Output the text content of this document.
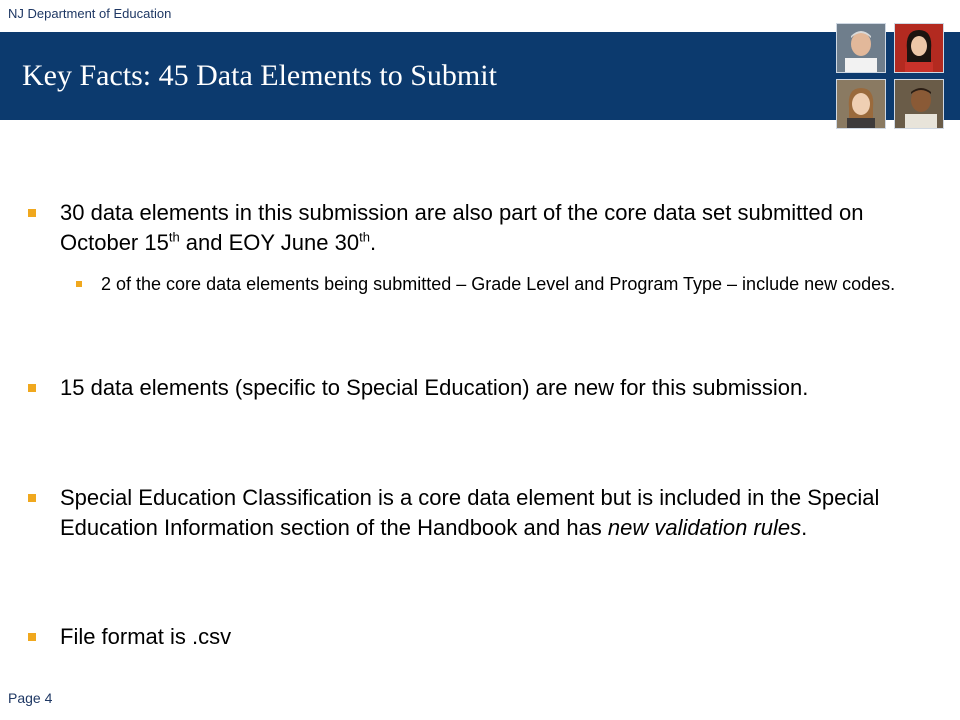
NJ Department of Education
Key Facts: 45 Data Elements to Submit
30 data elements in this submission are also part of the core data set submitted on October 15th and EOY June 30th.
2 of the core data elements being submitted – Grade Level and Program Type – include new codes.
15 data elements (specific to Special Education) are new for this submission.
Special Education Classification is a core data element but is included in the Special Education Information section of the Handbook and has new validation rules.
File format is .csv
Page 4
